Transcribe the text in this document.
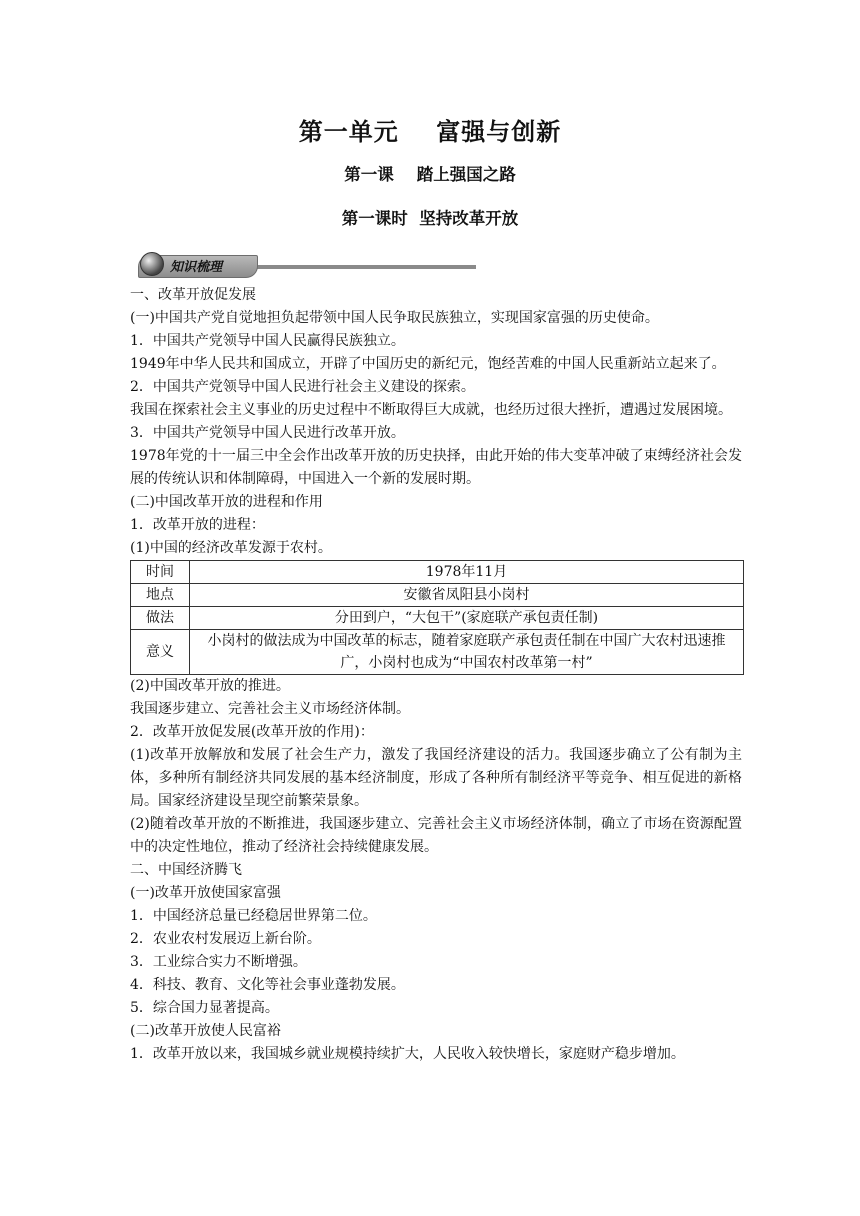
第一单元    富强与创新
第一课    踏上强国之路
第一课时  坚持改革开放
知识梳理

一、改革开放促发展

(一)中国共产党自觉地担负起带领中国人民争取民族独立，实现国家富强的历史使命。

1．中国共产党领导中国人民赢得民族独立。

1949年中华人民共和国成立，开辟了中国历史的新纪元，饱经苦难的中国人民重新站立起来了。

2．中国共产党领导中国人民进行社会主义建设的探索。

我国在探索社会主义事业的历史过程中不断取得巨大成就，也经历过很大挫折，遭遇过发展困境。

3．中国共产党领导中国人民进行改革开放。

1978年党的十一届三中全会作出改革开放的历史抉择，由此开始的伟大变革冲破了束缚经济社会发展的传统认识和体制障碍，中国进入一个新的发展时期。

(二)中国改革开放的进程和作用

1．改革开放的进程：

(1)中国的经济改革发源于农村。

时间	1978年11月
地点	安徽省凤阳县小岗村
做法	分田到户，“大包干”(家庭联产承包责任制)
意义	小岗村的做法成为中国改革的标志，随着家庭联产承包责任制在中国广大农村迅速推广，小岗村也成为“中国农村改革第一村”

(2)中国改革开放的推进。

我国逐步建立、完善社会主义市场经济体制。

2．改革开放促发展(改革开放的作用)：

(1)改革开放解放和发展了社会生产力，激发了我国经济建设的活力。我国逐步确立了公有制为主体，多种所有制经济共同发展的基本经济制度，形成了各种所有制经济平等竞争、相互促进的新格局。国家经济建设呈现空前繁荣景象。

(2)随着改革开放的不断推进，我国逐步建立、完善社会主义市场经济体制，确立了市场在资源配置中的决定性地位，推动了经济社会持续健康发展。

二、中国经济腾飞

(一)改革开放使国家富强

1．中国经济总量已经稳居世界第二位。

2．农业农村发展迈上新台阶。

3．工业综合实力不断增强。

4．科技、教育、文化等社会事业蓬勃发展。

5．综合国力显著提高。

(二)改革开放使人民富裕

1．改革开放以来，我国城乡就业规模持续扩大，人民收入较快增长，家庭财产稳步增加。
